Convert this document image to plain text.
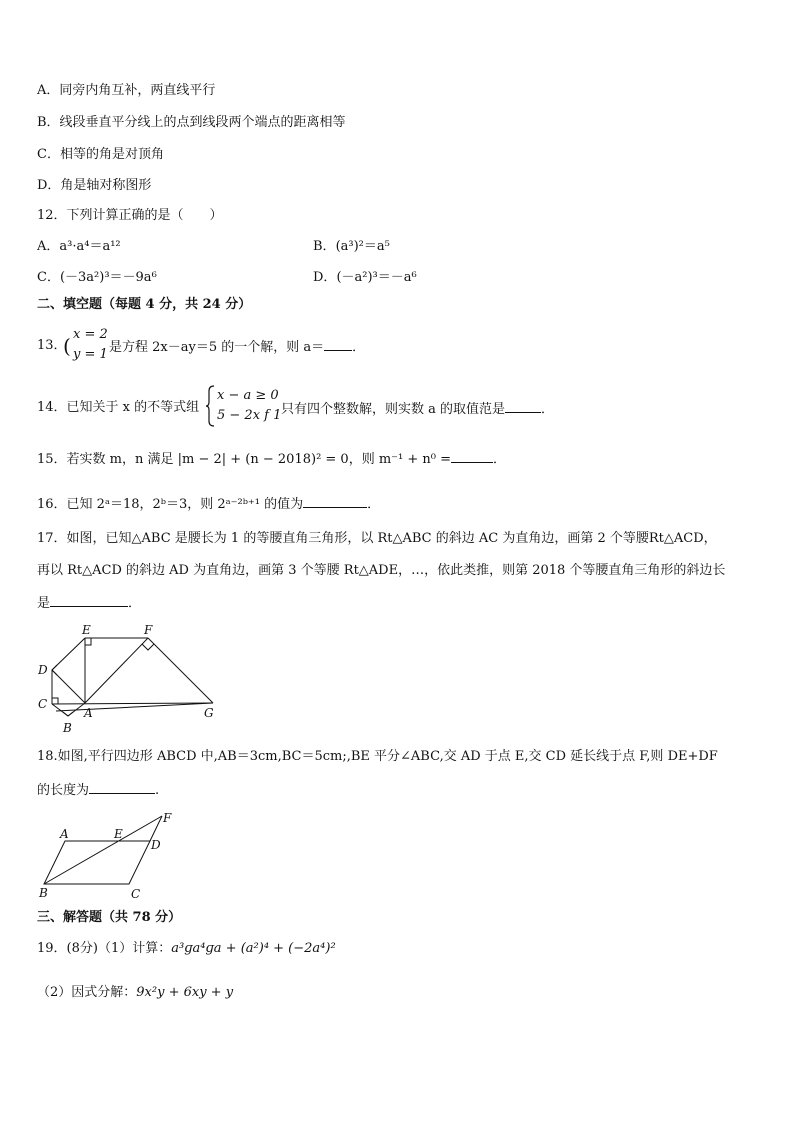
A．同旁内角互补，两直线平行
B．线段垂直平分线上的点到线段两个端点的距离相等
C．相等的角是对顶角
D．角是轴对称图形
12．下列计算正确的是（　　）
A．a³·a⁴＝a¹²	B．(a³)²＝a⁵
C．(－3a²)³＝－9a⁶	D．(－a²)³＝－a⁶
二、填空题（每题 4 分，共 24 分）
13．
( x = 2
y = 1 是方程 2x－ay＝5 的一个解，则 a＝ ．
14．已知关于 x 的不等式组
x − a ≥ 0
5 − 2x f 1 只有四个整数解，则实数 a 的取值范是	．
15．若实数 m，n 满足 |m − 2| + (n − 2018)² = 0，则 m⁻¹ + n⁰ =	．
16．已知 2ᵃ＝18，2ᵇ＝3，则 2ᵃ⁻²ᵇ⁺¹ 的值为	．
17．如图，已知△ABC 是腰长为 1 的等腰直角三角形，以 Rt△ABC 的斜边 AC 为直角边，画第 2 个等腰Rt△ACD，
再以 Rt△ACD 的斜边 AD 为直角边，画第 3 个等腰 Rt△ADE，…，依此类推，则第 2018 个等腰直角三角形的斜边长
是	．
E	F
D
C
A
B
G
18.如图,平行四边形 ABCD 中,AB＝3cm,BC＝5cm;,BE 平分∠ABC,交 AD 于点 E,交 CD 延长线于点 F,则 DE+DF
的长度为	.
A	E
F
D
B	C
三、解答题（共 78 分）
19．(8分)（1）计算：a³ɡa⁴ɡa + (a²)⁴ + (−2a⁴)²
（2）因式分解：9x²y + 6xy + y
